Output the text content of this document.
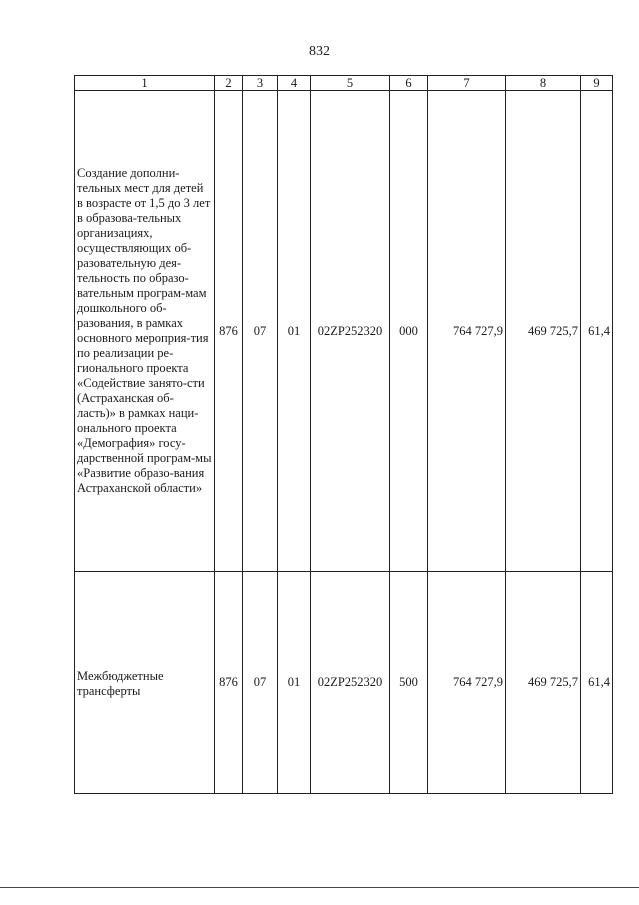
832
1	2	3	4	5	6	7	8	9
Создание дополни-тельных мест для детей в возрасте от 1,5 до 3 лет в образова-тельных организациях, осуществляющих об-разовательную дея-тельность по образо-вательным програм-мам дошкольного об-разования, в рамках основного мероприя-тия по реализации ре-гионального проекта «Содействие занято-сти (Астраханская об-ласть)» в рамках наци-онального проекта «Демография» госу-дарственной програм-мы «Развитие образо-вания Астраханской области»	876	07	01	02ZP252320	000	764 727,9	469 725,7	61,4
Межбюджетные трансферты	876	07	01	02ZP252320	500	764 727,9	469 725,7	61,4
